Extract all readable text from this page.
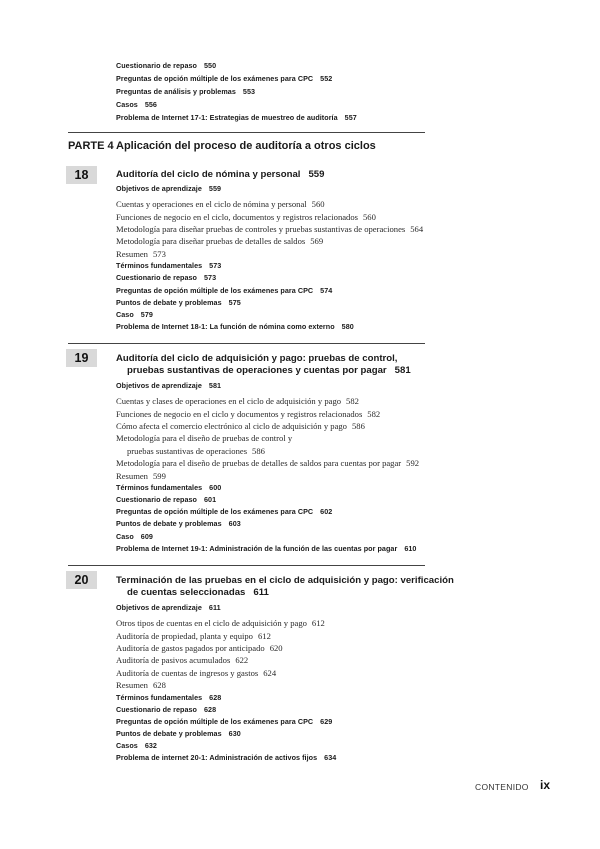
Cuestionario de repaso 550
Preguntas de opción múltiple de los exámenes para CPC 552
Preguntas de análisis y problemas 553
Casos 556
Problema de Internet 17-1: Estrategias de muestreo de auditoría 557
PARTE 4 Aplicación del proceso de auditoría a otros ciclos
18	Auditoría del ciclo de nómina y personal 559
Objetivos de aprendizaje 559
Cuentas y operaciones en el ciclo de nómina y personal 560
Funciones de negocio en el ciclo, documentos y registros relacionados 560
Metodología para diseñar pruebas de controles y pruebas sustantivas de operaciones 564
Metodología para diseñar pruebas de detalles de saldos 569
Resumen 573
Términos fundamentales 573
Cuestionario de repaso 573
Preguntas de opción múltiple de los exámenes para CPC 574
Puntos de debate y problemas 575
Caso 579
Problema de Internet 18-1: La función de nómina como externo 580
19	Auditoría del ciclo de adquisición y pago: pruebas de control,
pruebas sustantivas de operaciones y cuentas por pagar 581
Objetivos de aprendizaje 581
Cuentas y clases de operaciones en el ciclo de adquisición y pago 582
Funciones de negocio en el ciclo y documentos y registros relacionados 582
Cómo afecta el comercio electrónico al ciclo de adquisición y pago 586
Metodología para el diseño de pruebas de control y
pruebas sustantivas de operaciones 586
Metodología para el diseño de pruebas de detalles de saldos para cuentas por pagar 592
Resumen 599
Términos fundamentales 600
Cuestionario de repaso 601
Preguntas de opción múltiple de los exámenes para CPC 602
Puntos de debate y problemas 603
Caso 609
Problema de Internet 19-1: Administración de la función de las cuentas por pagar 610
20	Terminación de las pruebas en el ciclo de adquisición y pago: verificación
de cuentas seleccionadas 611
Objetivos de aprendizaje 611
Otros tipos de cuentas en el ciclo de adquisición y pago 612
Auditoría de propiedad, planta y equipo 612
Auditoría de gastos pagados por anticipado 620
Auditoría de pasivos acumulados 622
Auditoría de cuentas de ingresos y gastos 624
Resumen 628
Términos fundamentales 628
Cuestionario de repaso 628
Preguntas de opción múltiple de los exámenes para CPC 629
Puntos de debate y problemas 630
Casos 632
Problema de internet 20-1: Administración de activos fijos 634
CONTENIDO ix
